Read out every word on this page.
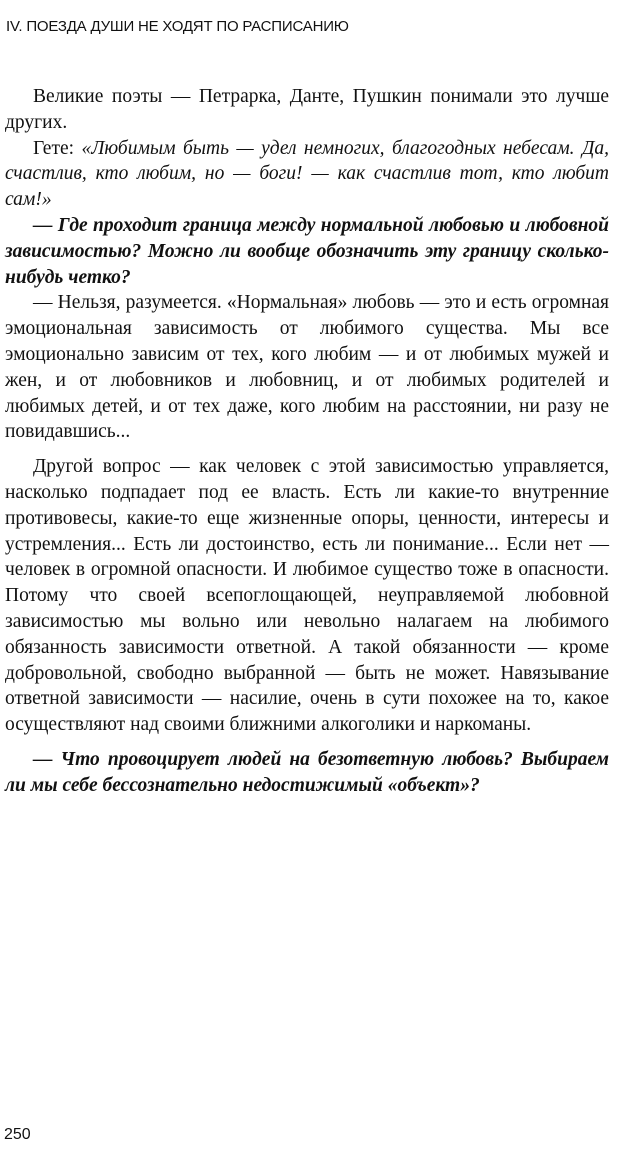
IV. ПОЕЗДА ДУШИ НЕ ХОДЯТ ПО РАСПИСАНИЮ

Великие поэты — Петрарка, Данте, Пушкин понимали это лучше других.

Гете: «Любимым быть — удел немногих, благогодных небесам. Да, счастлив, кто любим, но — боги! — как счастлив тот, кто любит сам!»

— Где проходит граница между нормальной любовью и любовной зависимостью? Можно ли вообще обозначить эту границу сколько-нибудь четко?

— Нельзя, разумеется. «Нормальная» любовь — это и есть огромная эмоциональная зависимость от любимого существа. Мы все эмоционально зависим от тех, кого любим — и от любимых мужей и жен, и от любовников и любовниц, и от любимых родителей и любимых детей, и от тех даже, кого любим на расстоянии, ни разу не повидавшись...

Другой вопрос — как человек с этой зависимостью управляется, насколько подпадает под ее власть. Есть ли какие-то внутренние противовесы, какие-то еще жизненные опоры, ценности, интересы и устремления... Есть ли достоинство, есть ли понимание... Если нет — человек в огромной опасности. И любимое существо тоже в опасности. Потому что своей всепоглощающей, неуправляемой любовной зависимостью мы вольно или невольно налагаем на любимого обязанность зависимости ответной. А такой обязанности — кроме добровольной, свободно выбранной — быть не может. Навязывание ответной зависимости — насилие, очень в сути похожее на то, какое осуществляют над своими ближними алкоголики и наркоманы.

— Что провоцирует людей на безответную любовь? Выбираем ли мы себе бессознательно недостижимый «объект»?

250
